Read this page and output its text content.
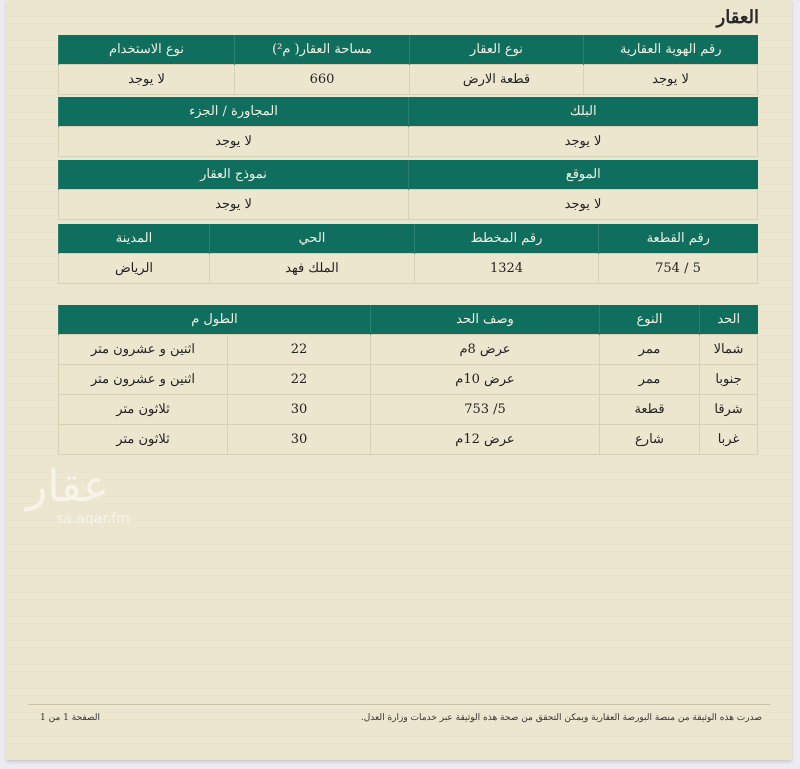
العقار
رقم الهوية العقارية	نوع العقار	مساحة العقار( م²)	نوع الاستخدام
لا يوجد	قطعة الارض	660	لا يوجد
البلك	المجاورة / الجزء
لا يوجد	لا يوجد
الموقع	نموذج العقار
لا يوجد	لا يوجد
رقم القطعة	رقم المخطط	الحي	المدينة
5 / 754	1324	الملك فهد	الرياض
الحد	النوع	وصف الحد	الطول م	
شمالا	ممر	عرض 8م	22	اثنين و عشرون متر
جنوبا	ممر	عرض 10م	22	اثنين و عشرون متر
شرقا	قطعة	5/ 753	30	ثلاثون متر
غربا	شارع	عرض 12م	30	ثلاثون متر
عقار
sa.aqar.fm
صدرت هذه الوثيقة من منصة البورصة العقارية ويمكن التحقق من صحة هذه الوثيقة عبر خدمات وزارة العدل.
الصفحة 1 من 1
